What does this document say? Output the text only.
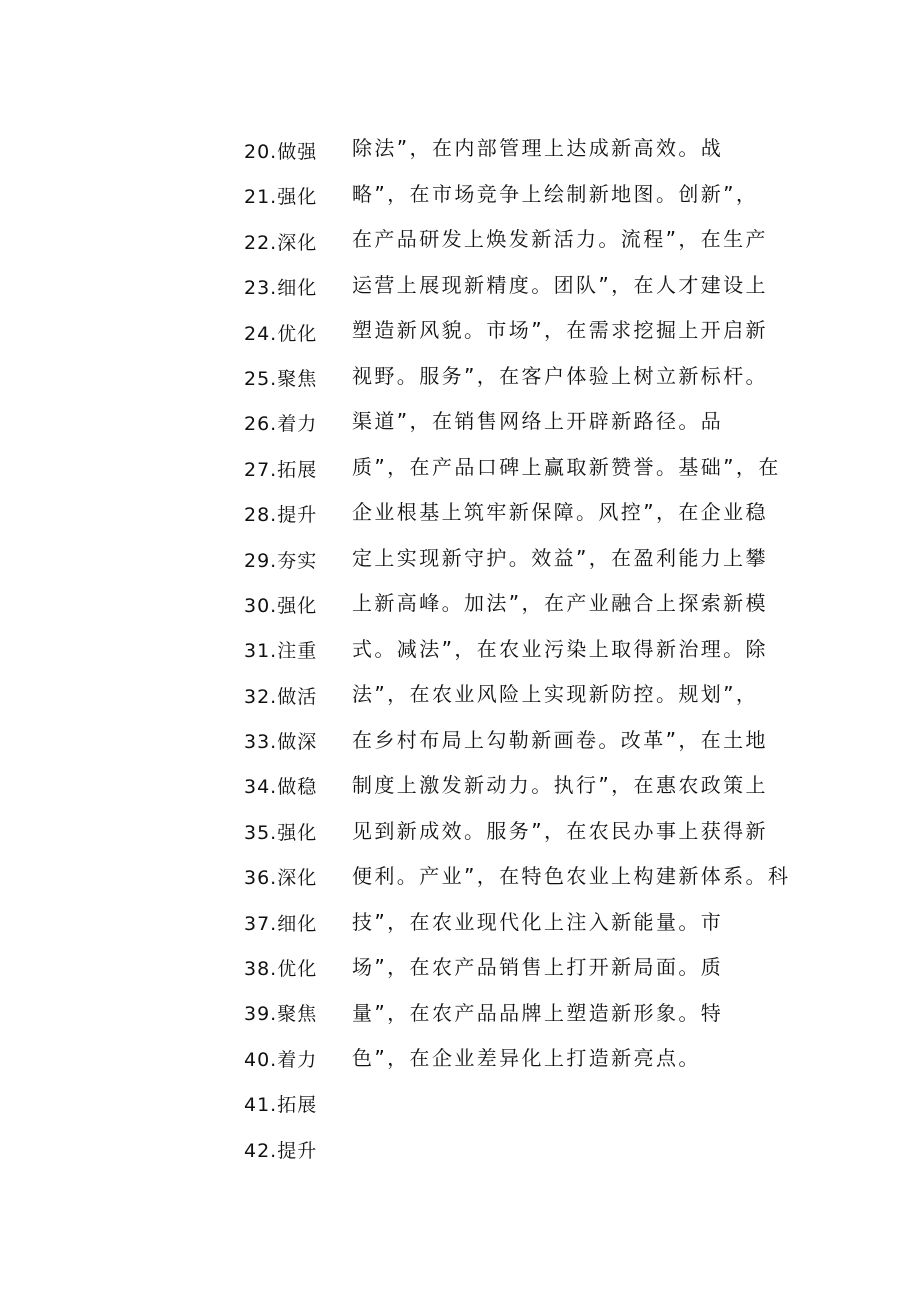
20.做强
21.强化
22.深化
23.细化
24.优化
25.聚焦
26.着力
27.拓展
28.提升
29.夯实
30.强化
31.注重
32.做活
33.做深
34.做稳
35.强化
36.深化
37.细化
38.优化
39.聚焦
40.着力
41.拓展
42.提升
除法”，在内部管理上达成新高效。战
略”，在市场竞争上绘制新地图。创新”，
在产品研发上焕发新活力。流程”，在生产
运营上展现新精度。团队”，在人才建设上
塑造新风貌。市场”，在需求挖掘上开启新
视野。服务”，在客户体验上树立新标杆。
渠道”，在销售网络上开辟新路径。品
质”，在产品口碑上赢取新赞誉。基础”，在
企业根基上筑牢新保障。风控”，在企业稳
定上实现新守护。效益”，在盈利能力上攀
上新高峰。加法”，在产业融合上探索新模
式。减法”，在农业污染上取得新治理。除
法”，在农业风险上实现新防控。规划”，
在乡村布局上勾勒新画卷。改革”，在土地
制度上激发新动力。执行”，在惠农政策上
见到新成效。服务”，在农民办事上获得新
便利。产业”，在特色农业上构建新体系。科
技”，在农业现代化上注入新能量。市
场”，在农产品销售上打开新局面。质
量”，在农产品品牌上塑造新形象。特
色”，在企业差异化上打造新亮点。
